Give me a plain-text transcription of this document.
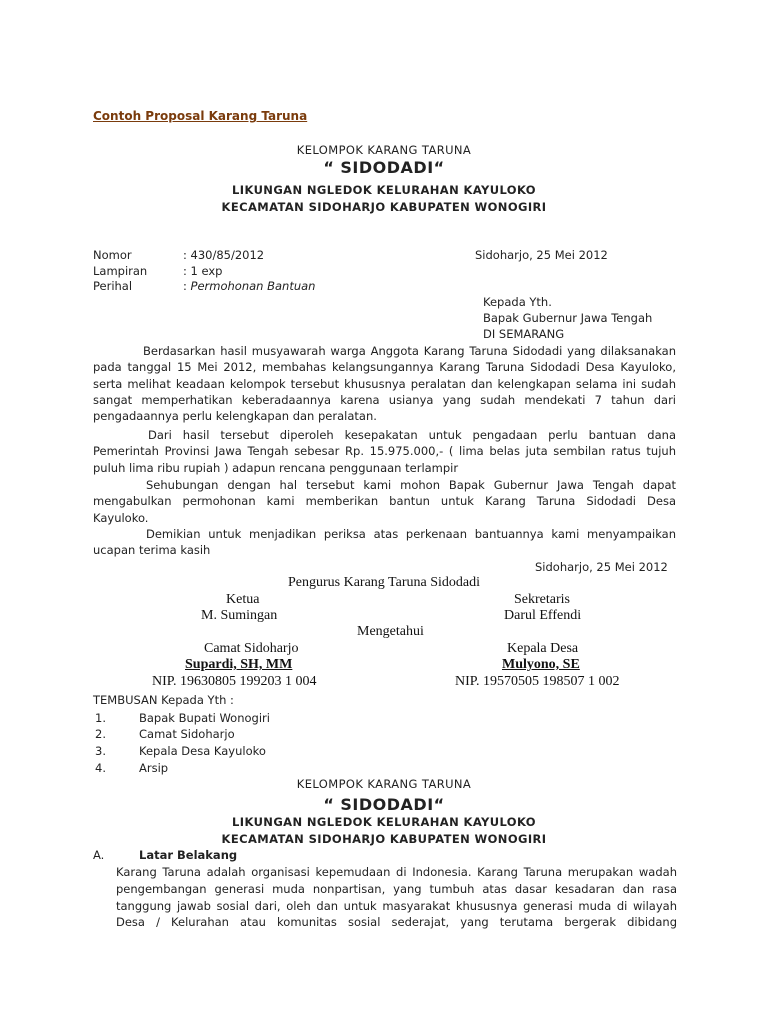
Contoh Proposal Karang Taruna
KELOMPOK KARANG TARUNA
“ SIDODADI“
LIKUNGAN NGLEDOK KELURAHAN KAYULOKO
KECAMATAN SIDOHARJO KABUPATEN WONOGIRI
Nomor	: 430/85/2012	Sidoharjo, 25 Mei 2012
Lampiran	: 1 exp
Perihal	: Permohonan Bantuan
Kepada Yth.
Bapak Gubernur Jawa Tengah
DI SEMARANG
Berdasarkan hasil musyawarah warga Anggota Karang Taruna Sidodadi yang dilaksanakan
pada tanggal 15 Mei 2012, membahas kelangsungannya Karang Taruna Sidodadi Desa Kayuloko,
serta melihat keadaan kelompok tersebut khususnya peralatan dan kelengkapan selama ini sudah
sangat memperhatikan keberadaannya karena usianya yang sudah mendekati 7 tahun dari
pengadaannya perlu kelengkapan dan peralatan.
Dari hasil tersebut diperoleh kesepakatan untuk pengadaan perlu bantuan dana
Pemerintah Provinsi Jawa Tengah sebesar Rp. 15.975.000,- ( lima belas juta sembilan ratus tujuh
puluh lima ribu rupiah ) adapun rencana penggunaan terlampir
Sehubungan dengan hal tersebut kami mohon Bapak Gubernur Jawa Tengah dapat
mengabulkan permohonan kami memberikan bantun untuk Karang Taruna Sidodadi Desa
Kayuloko.
Demikian untuk menjadikan periksa atas perkenaan bantuannya kami menyampaikan
ucapan terima kasih
Sidoharjo, 25 Mei 2012
Pengurus Karang Taruna Sidodadi
Ketua	Sekretaris
M. Sumingan	Darul Effendi
Mengetahui
Camat Sidoharjo	Kepala Desa
Supardi, SH, MM	Mulyono, SE
NIP. 19630805 199203 1 004	NIP. 19570505 198507 1 002
TEMBUSAN Kepada Yth :
1.	Bapak Bupati Wonogiri
2.	Camat Sidoharjo
3.	Kepala Desa Kayuloko
4.	Arsip
KELOMPOK KARANG TARUNA
“ SIDODADI“
LIKUNGAN NGLEDOK KELURAHAN KAYULOKO
KECAMATAN SIDOHARJO KABUPATEN WONOGIRI
A.	Latar Belakang
Karang Taruna adalah organisasi kepemudaan di Indonesia. Karang Taruna merupakan wadah
pengembangan generasi muda nonpartisan, yang tumbuh atas dasar kesadaran dan rasa
tanggung jawab sosial dari, oleh dan untuk masyarakat khususnya generasi muda di wilayah
Desa / Kelurahan atau komunitas sosial sederajat, yang terutama bergerak dibidang
